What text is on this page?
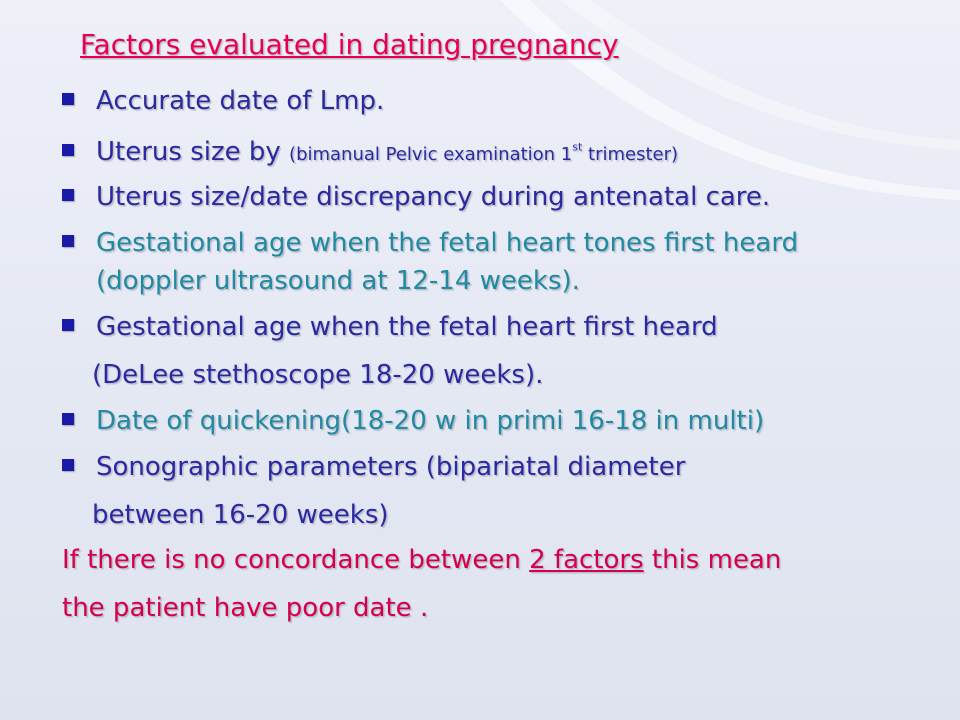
Factors evaluated in dating pregnancy
Accurate date of Lmp.
Uterus size by (bimanual Pelvic examination 1st trimester)
Uterus size/date discrepancy during antenatal care.
Gestational age when the fetal heart tones first heard
(doppler ultrasound at 12-14 weeks).
Gestational age when the fetal heart first heard
(DeLee stethoscope 18-20 weeks).
Date of quickening(18-20 w in primi 16-18 in multi)
Sonographic parameters (bipariatal diameter
between 16-20 weeks)
If there is no concordance between 2 factors this mean
the patient have poor date .
